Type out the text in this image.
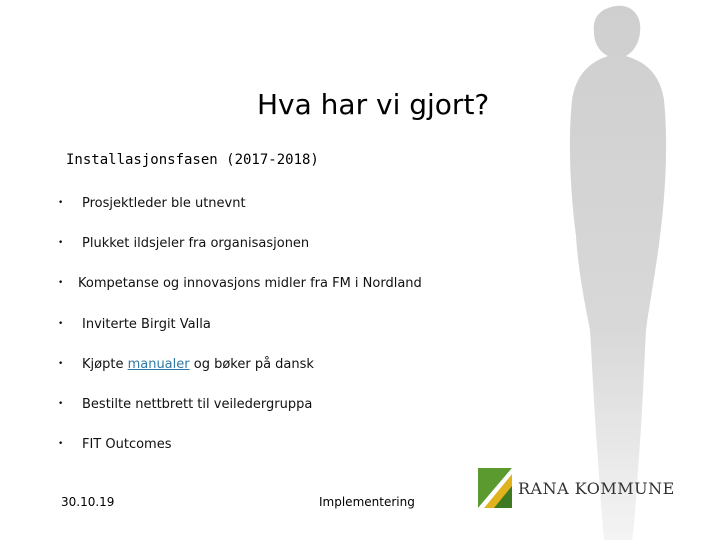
Hva har vi gjort?
Installasjonsfasen (2017-2018)
• Prosjektleder ble utnevnt
• Plukket ildsjeler fra organisasjonen
• Kompetanse og innovasjons midler fra FM i Nordland
• Inviterte Birgit Valla
• Kjøpte manualer og bøker på dansk
• Bestilte nettbrett til veiledergruppa
• FIT Outcomes
30.10.19	Implementering
RANA KOMMUNE
